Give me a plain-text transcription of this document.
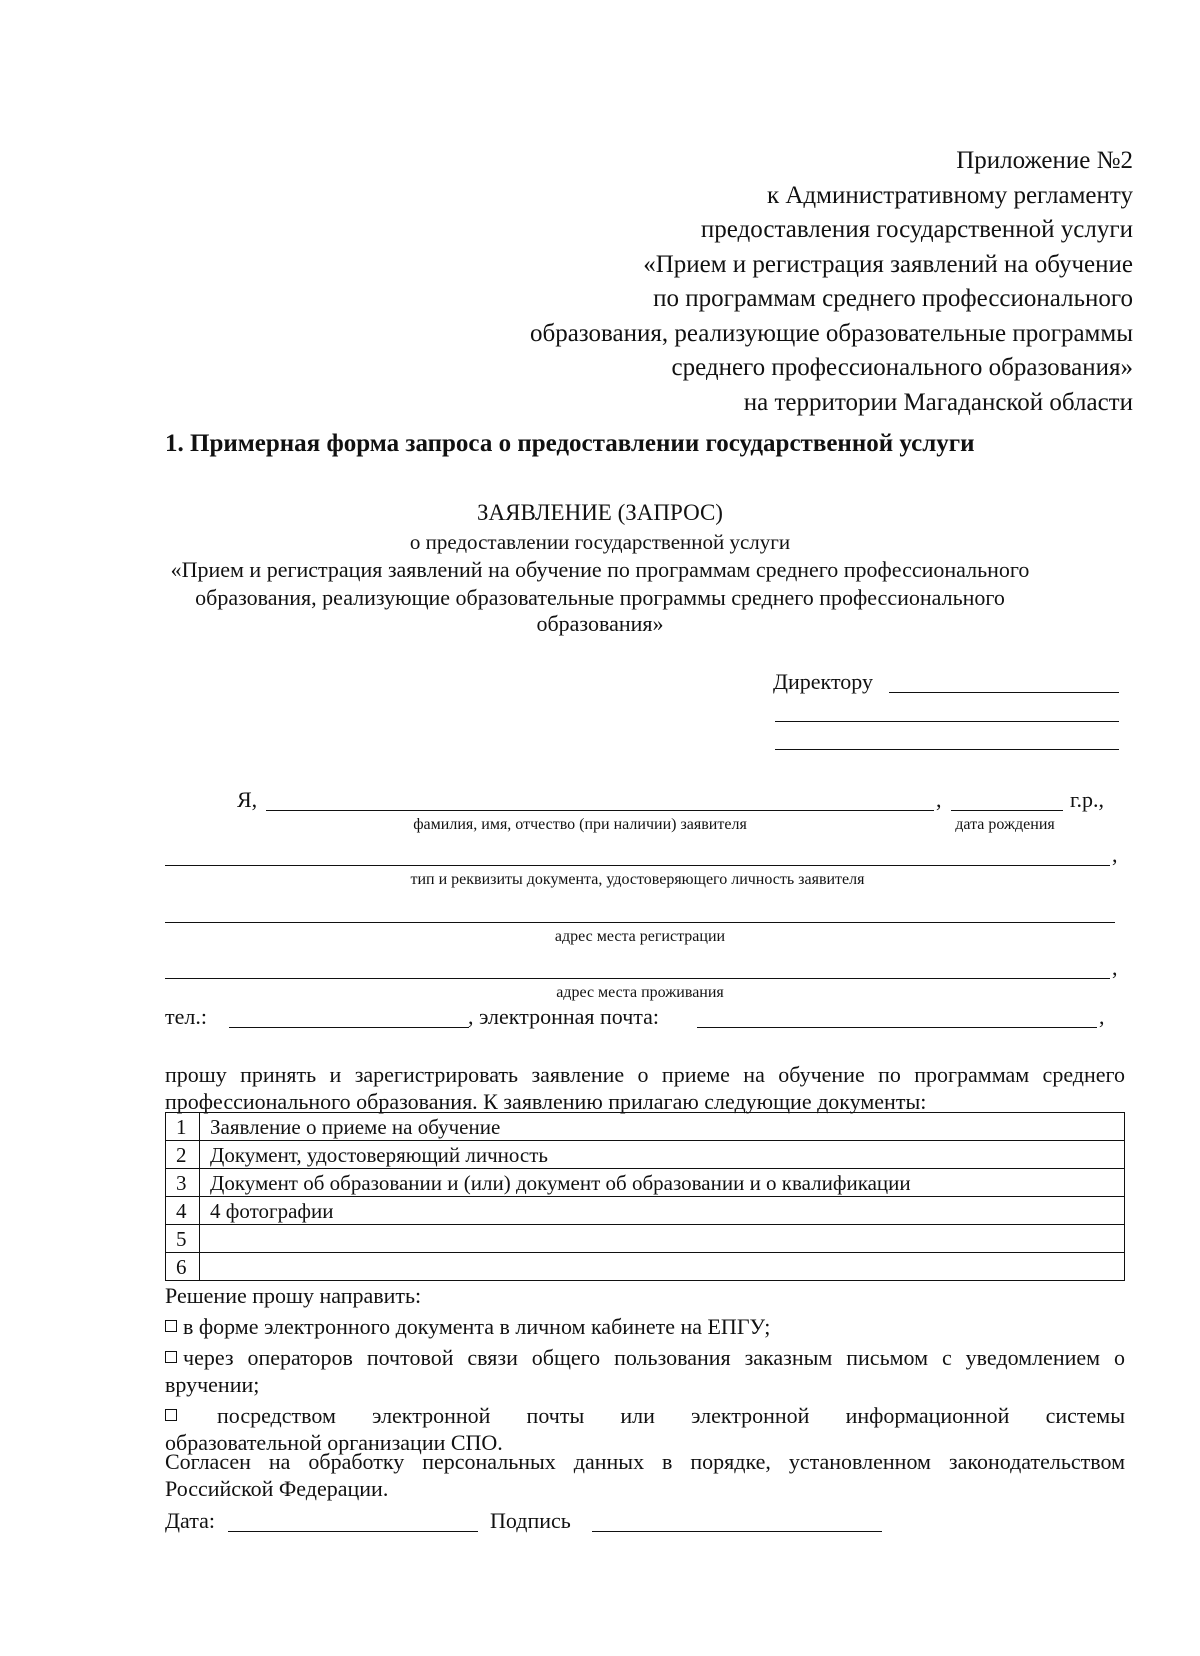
Приложение №2
к Административному регламенту
предоставления государственной услуги
«Прием и регистрация заявлений на обучение
по программам среднего профессионального
образования, реализующие образовательные программы
среднего профессионального образования»
на территории Магаданской области
1. Примерная форма запроса о предоставлении государственной услуги
ЗАЯВЛЕНИЕ (ЗАПРОС)
о предоставлении государственной услуги
«Прием и регистрация заявлений на обучение по программам среднего профессионального
образования, реализующие образовательные программы среднего профессионального
образования»
Директору
Я,	,	г.р.,
фамилия, имя, отчество (при наличии) заявителя	дата рождения
,
тип и реквизиты документа, удостоверяющего личность заявителя
адрес места регистрации
,
адрес места проживания
тел.:	, электронная почта:	,
прошу принять и зарегистрировать заявление о приеме на обучение по программам среднего
профессионального образования. К заявлению прилагаю следующие документы:
1	Заявление о приеме на обучение
2	Документ, удостоверяющий личность
3	Документ об образовании и (или) документ об образовании и о квалификации
4	4 фотографии
5	
6	
Решение прошу направить:
в форме электронного документа в личном кабинете на ЕПГУ;
через операторов почтовой связи общего пользования заказным письмом с уведомлением о
вручении;
посредством электронной почты или электронной информационной системы
образовательной организации СПО.
Согласен на обработку персональных данных в порядке, установленном законодательством
Российской Федерации.
Дата:	Подпись
